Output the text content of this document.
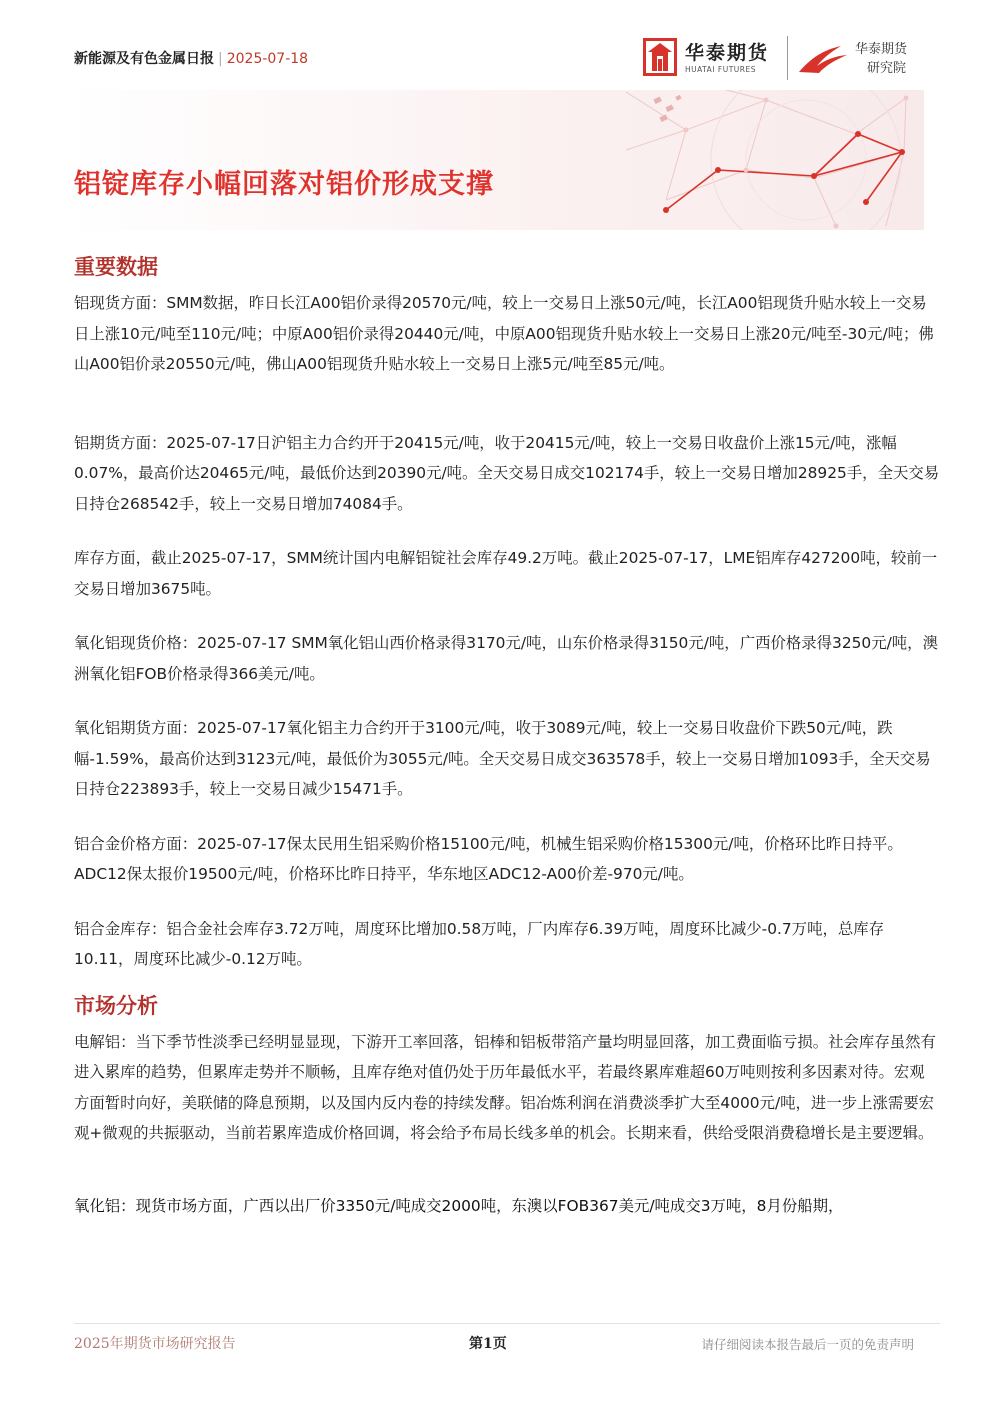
新能源及有色金属日报 | 2025-07-18	华泰期货
HUATAI FUTURES
华泰期货
研究院
铝锭库存小幅回落对铝价形成支撑
重要数据

铝现货方面：SMM数据，昨日长江A00铝价录得20570元/吨，较上一交易日上涨50元/吨，长江A00铝现货升贴水较上一交易日上涨10元/吨至110元/吨；中原A00铝价录得20440元/吨，中原A00铝现货升贴水较上一交易日上涨20元/吨至-30元/吨；佛山A00铝价录20550元/吨，佛山A00铝现货升贴水较上一交易日上涨5元/吨至85元/吨。

铝期货方面：2025-07-17日沪铝主力合约开于20415元/吨，收于20415元/吨，较上一交易日收盘价上涨15元/吨，涨幅0.07%，最高价达20465元/吨，最低价达到20390元/吨。全天交易日成交102174手，较上一交易日增加28925手，全天交易日持仓268542手，较上一交易日增加74084手。

库存方面，截止2025-07-17，SMM统计国内电解铝锭社会库存49.2万吨。截止2025-07-17，LME铝库存427200吨，较前一交易日增加3675吨。

氧化铝现货价格：2025-07-17 SMM氧化铝山西价格录得3170元/吨，山东价格录得3150元/吨，广西价格录得3250元/吨，澳洲氧化铝FOB价格录得366美元/吨。

氧化铝期货方面：2025-07-17氧化铝主力合约开于3100元/吨，收于3089元/吨，较上一交易日收盘价下跌50元/吨，跌幅-1.59%，最高价达到3123元/吨，最低价为3055元/吨。全天交易日成交363578手，较上一交易日增加1093手，全天交易日持仓223893手，较上一交易日减少15471手。

铝合金价格方面：2025-07-17保太民用生铝采购价格15100元/吨，机械生铝采购价格15300元/吨，价格环比昨日持平。ADC12保太报价19500元/吨，价格环比昨日持平，华东地区ADC12-A00价差-970元/吨。

铝合金库存：铝合金社会库存3.72万吨，周度环比增加0.58万吨，厂内库存6.39万吨，周度环比减少-0.7万吨，总库存10.11，周度环比减少-0.12万吨。

市场分析

电解铝：当下季节性淡季已经明显显现，下游开工率回落，铝棒和铝板带箔产量均明显回落，加工费面临亏损。社会库存虽然有进入累库的趋势，但累库走势并不顺畅，且库存绝对值仍处于历年最低水平，若最终累库难超60万吨则按利多因素对待。宏观方面暂时向好，美联储的降息预期，以及国内反内卷的持续发酵。铝冶炼利润在消费淡季扩大至4000元/吨，进一步上涨需要宏观+微观的共振驱动，当前若累库造成价格回调，将会给予布局长线多单的机会。长期来看，供给受限消费稳增长是主要逻辑。

氧化铝：现货市场方面，广西以出厂价3350元/吨成交2000吨，东澳以FOB367美元/吨成交3万吨，8月份船期，

2025年期货市场研究报告	第1页	请仔细阅读本报告最后一页的免责声明
